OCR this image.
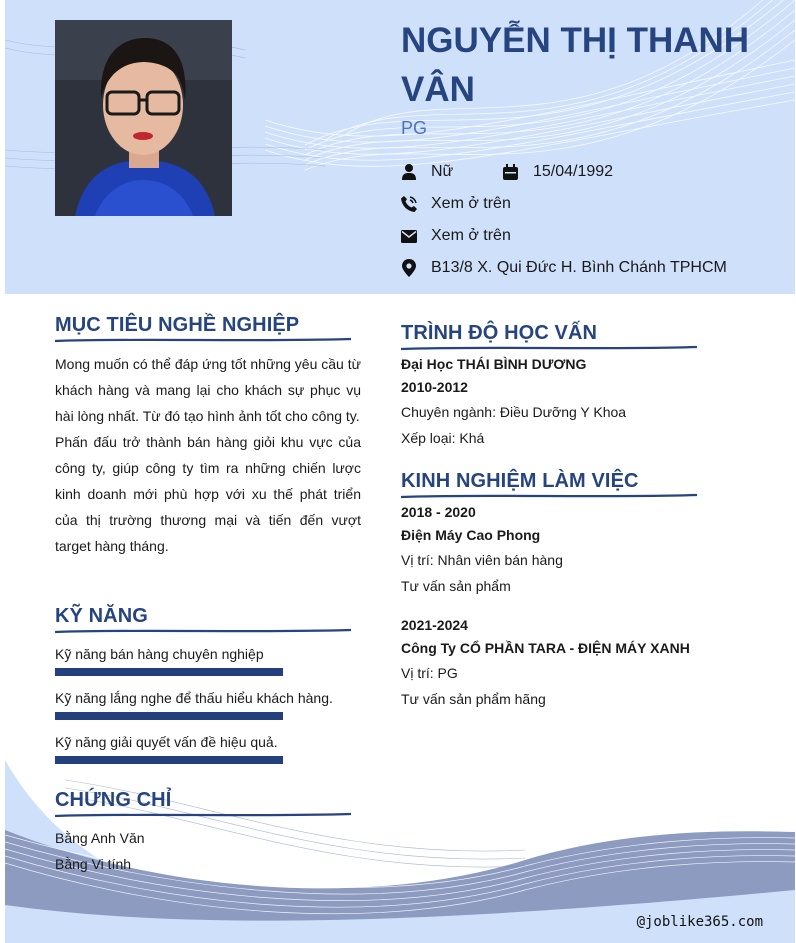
NGUYỄN THỊ THANH VÂN
PG
Nữ	15/04/1992
Xem ở trên
Xem ở trên
B13/8 X. Qui Đức H. Bình Chánh TPHCM
MỤC TIÊU NGHỀ NGHIỆP
Mong muốn có thể đáp ứng tốt những yêu cầu từ khách hàng và mang lại cho khách sự phục vụ hài lòng nhất. Từ đó tạo hình ảnh tốt cho công ty.
Phấn đấu trở thành bán hàng giỏi khu vực của công ty, giúp công ty tìm ra những chiến lược kinh doanh mới phù hợp với xu thế phát triển của thị trường thương mại và tiến đến vượt target hàng tháng.
KỸ NĂNG
Kỹ năng bán hàng chuyên nghiệp
Kỹ năng lắng nghe để thấu hiểu khách hàng.
Kỹ năng giải quyết vấn đề hiệu quả.
CHỨNG CHỈ
Bằng Anh Văn
Bằng Vi tính
TRÌNH ĐỘ HỌC VẤN
Đại Học THÁI BÌNH DƯƠNG
2010-2012
Chuyên ngành: Điều Dưỡng Y Khoa
Xếp loại: Khá
KINH NGHIỆM LÀM VIỆC
2018 - 2020
Điện Máy Cao Phong
Vị trí: Nhân viên bán hàng
Tư vấn sản phẩm
2021-2024
Công Ty CỔ PHẦN TARA - ĐIỆN MÁY XANH
Vị trí: PG
Tư vấn sản phẩm hãng
@joblike365.com
